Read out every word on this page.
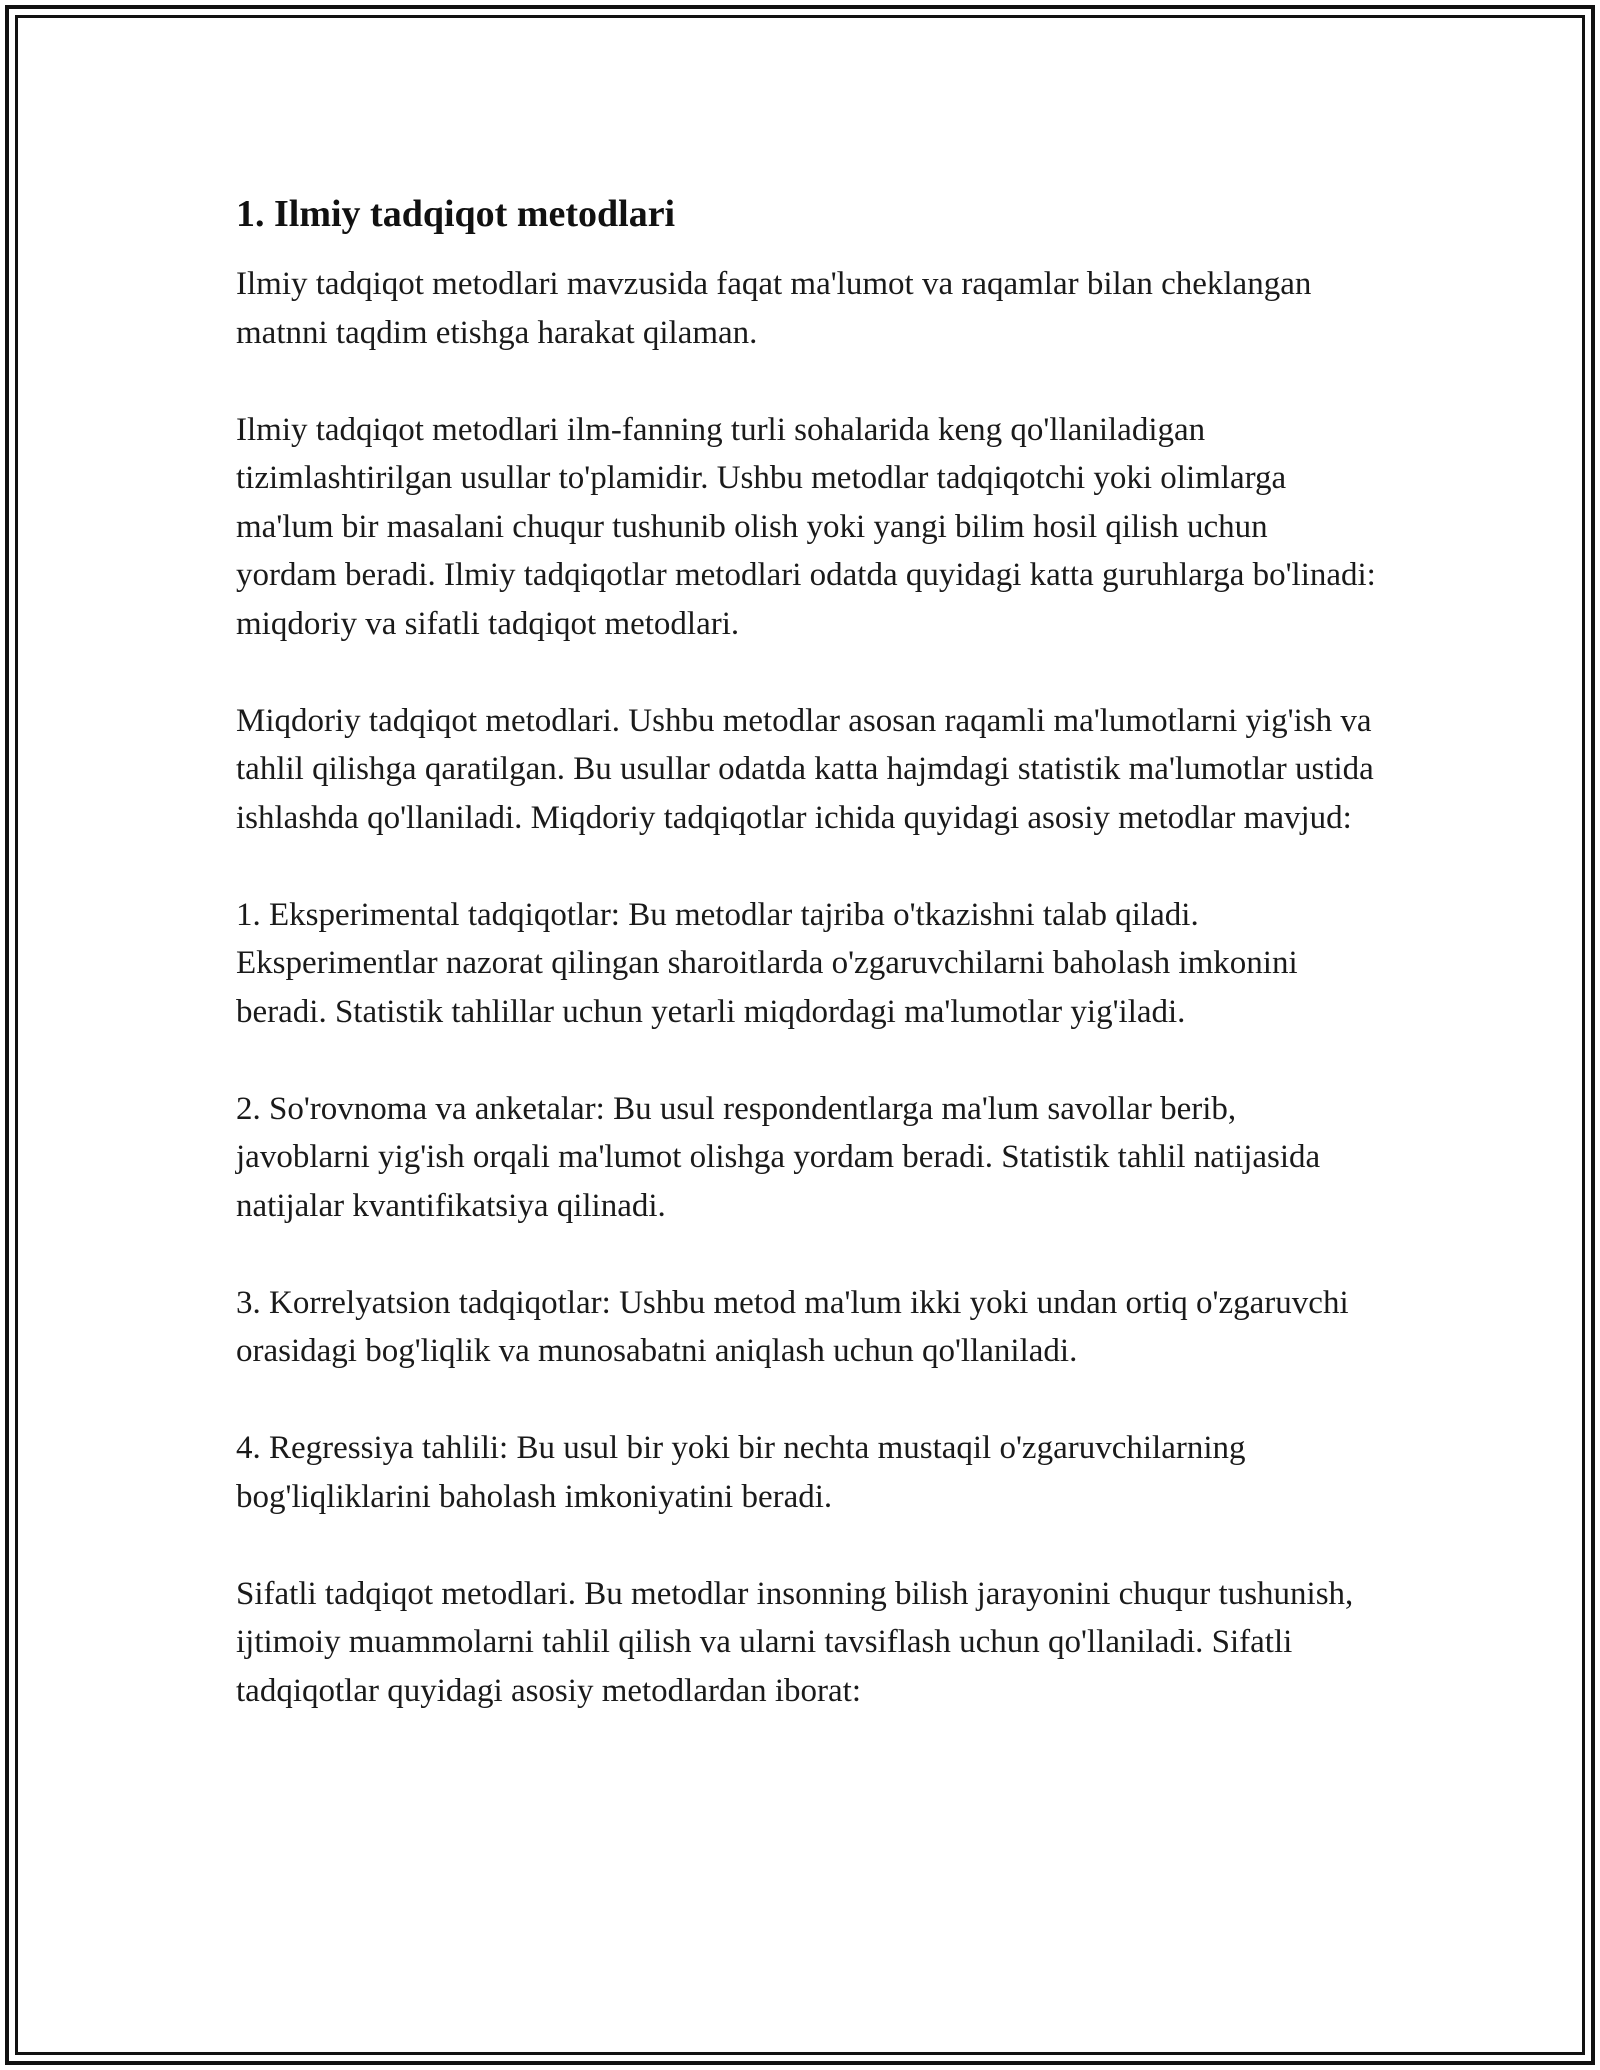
1. Ilmiy tadqiqot metodlari

Ilmiy tadqiqot metodlari mavzusida faqat ma'lumot va raqamlar bilan cheklangan matnni taqdim etishga harakat qilaman.

Ilmiy tadqiqot metodlari ilm-fanning turli sohalarida keng qo'llaniladigan tizimlashtirilgan usullar to'plamidir. Ushbu metodlar tadqiqotchi yoki olimlarga ma'lum bir masalani chuqur tushunib olish yoki yangi bilim hosil qilish uchun yordam beradi. Ilmiy tadqiqotlar metodlari odatda quyidagi katta guruhlarga bo'linadi: miqdoriy va sifatli tadqiqot metodlari.

Miqdoriy tadqiqot metodlari. Ushbu metodlar asosan raqamli ma'lumotlarni yig'ish va tahlil qilishga qaratilgan. Bu usullar odatda katta hajmdagi statistik ma'lumotlar ustida ishlashda qo'llaniladi. Miqdoriy tadqiqotlar ichida quyidagi asosiy metodlar mavjud:

1. Eksperimental tadqiqotlar: Bu metodlar tajriba o'tkazishni talab qiladi. Eksperimentlar nazorat qilingan sharoitlarda o'zgaruvchilarni baholash imkonini beradi. Statistik tahlillar uchun yetarli miqdordagi ma'lumotlar yig'iladi.

2. So'rovnoma va anketalar: Bu usul respondentlarga ma'lum savollar berib, javoblarni yig'ish orqali ma'lumot olishga yordam beradi. Statistik tahlil natijasida natijalar kvantifikatsiya qilinadi.

3. Korrelyatsion tadqiqotlar: Ushbu metod ma'lum ikki yoki undan ortiq o'zgaruvchi orasidagi bog'liqlik va munosabatni aniqlash uchun qo'llaniladi.

4. Regressiya tahlili: Bu usul bir yoki bir nechta mustaqil o'zgaruvchilarning bog'liqliklarini baholash imkoniyatini beradi.

Sifatli tadqiqot metodlari. Bu metodlar insonning bilish jarayonini chuqur tushunish, ijtimoiy muammolarni tahlil qilish va ularni tavsiflash uchun qo'llaniladi. Sifatli tadqiqotlar quyidagi asosiy metodlardan iborat:
